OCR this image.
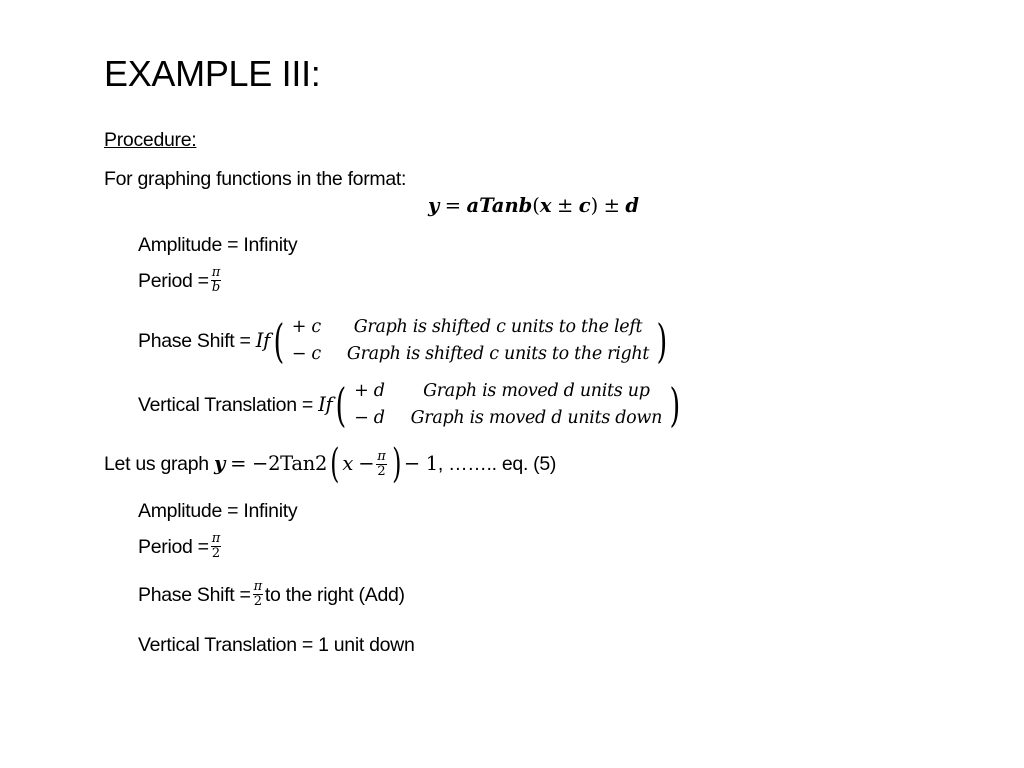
EXAMPLE III:
Procedure:
For graphing functions in the format:
y = aTanb(x ± c) ± d
Amplitude = Infinity
Period = $\frac{\pi}{b}$
Phase Shift =
If ( + c	Graph is shifted c units to the left
− c	Graph is shifted c units to the right )
Vertical Translation =
If ( + d	Graph is moved d units up
− d	Graph is moved d units down )
Let us graph
y
= −2Tan2 ( x
− $\frac{\pi}{2}$ ) − 1 , …….. eq. (5)
Amplitude = Infinity
Period = $\frac{\pi}{2}$
Phase Shift = $\frac{\pi}{2}$ to the right (Add)
Vertical Translation = 1 unit down
